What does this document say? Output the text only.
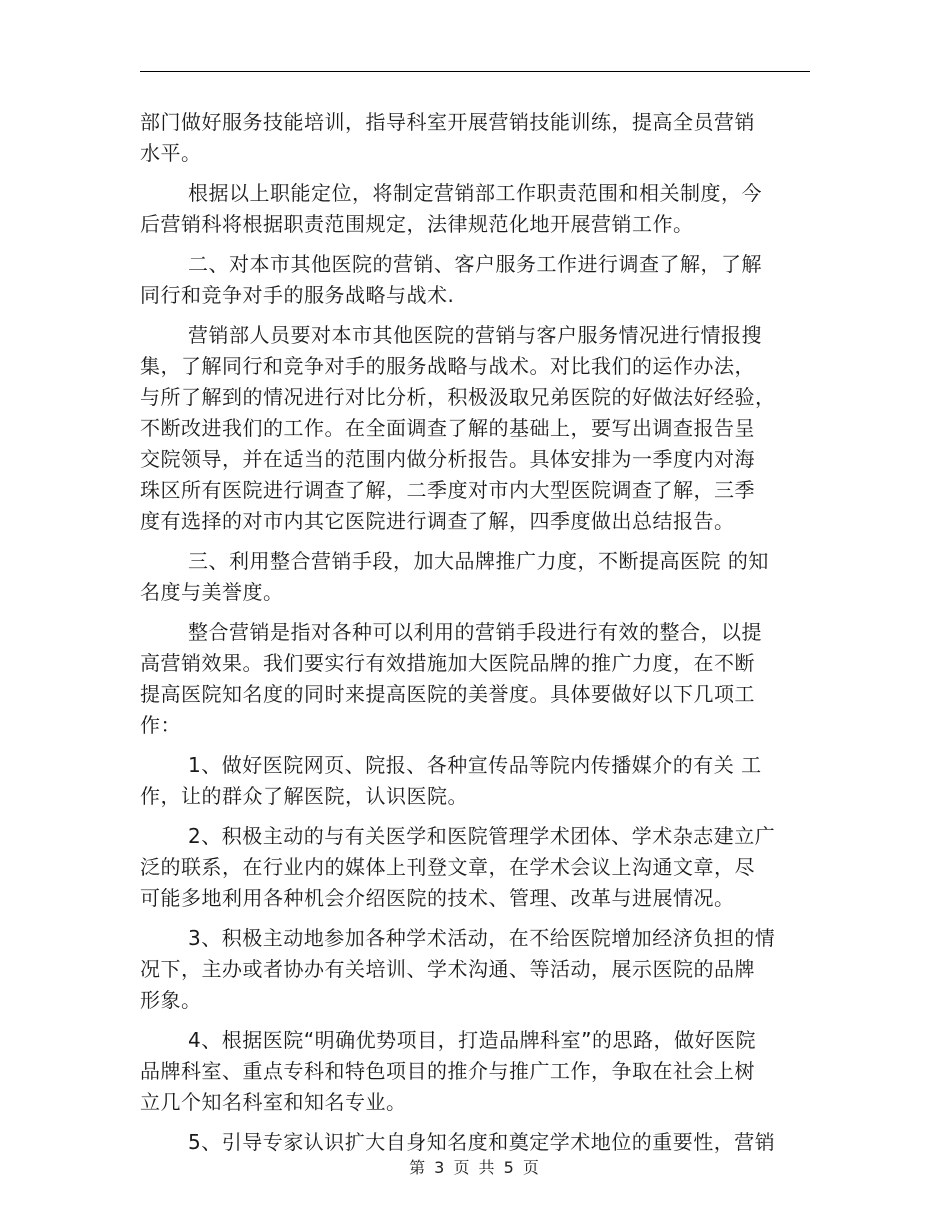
部门做好服务技能培训，指导科室开展营销技能训练，提高全员营销
水平。
根据以上职能定位，将制定营销部工作职责范围和相关制度，今
后营销科将根据职责范围规定，法律规范化地开展营销工作。
二、对本市其他医院的营销、客户服务工作进行调查了解，了解
同行和竞争对手的服务战略与战术.
营销部人员要对本市其他医院的营销与客户服务情况进行情报搜
集，了解同行和竞争对手的服务战略与战术。对比我们的运作办法，
与所了解到的情况进行对比分析，积极汲取兄弟医院的好做法好经验，
不断改进我们的工作。在全面调查了解的基础上，要写出调查报告呈
交院领导，并在适当的范围内做分析报告。具体安排为一季度内对海
珠区所有医院进行调查了解，二季度对市内大型医院调查了解，三季
度有选择的对市内其它医院进行调查了解，四季度做出总结报告。
三、利用整合营销手段，加大品牌推广力度，不断提高医院 的知
名度与美誉度。
整合营销是指对各种可以利用的营销手段进行有效的整合，以提
高营销效果。我们要实行有效措施加大医院品牌的推广力度，在不断
提高医院知名度的同时来提高医院的美誉度。具体要做好以下几项工
作：
1、做好医院网页、院报、各种宣传品等院内传播媒介的有关 工
作，让的群众了解医院，认识医院。
2、积极主动的与有关医学和医院管理学术团体、学术杂志建立广
泛的联系，在行业内的媒体上刊登文章，在学术会议上沟通文章，尽
可能多地利用各种机会介绍医院的技术、管理、改革与进展情况。
3、积极主动地参加各种学术活动，在不给医院增加经济负担的情
况下，主办或者协办有关培训、学术沟通、等活动，展示医院的品牌
形象。
4、根据医院“明确优势项目，打造品牌科室”的思路，做好医院
品牌科室、重点专科和特色项目的推介与推广工作，争取在社会上树
立几个知名科室和知名专业。
5、引导专家认识扩大自身知名度和奠定学术地位的重要性，营销
第 3 页 共 5 页
